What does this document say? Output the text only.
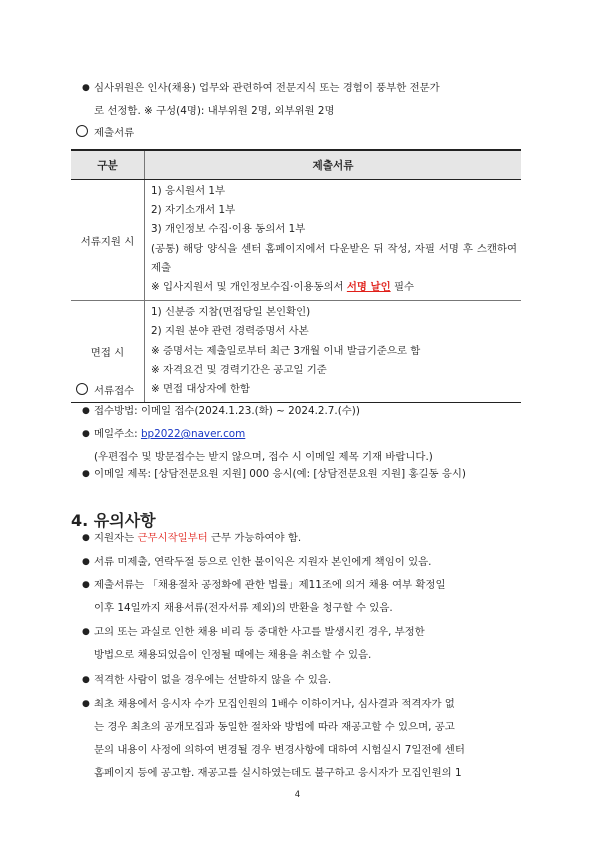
● 심사위원은 인사(채용) 업무와 관련하여 전문지식 또는 경험이 풍부한 전문가
로 선정함. ※ 구성(4명): 내부위원 2명, 외부위원 2명
제출서류
구분	제출서류
서류지원 시	1) 응시원서 1부
2) 자기소개서 1부
3) 개인정보 수집·이용 동의서 1부
(공통) 해당 양식을 센터 홈페이지에서 다운받은 뒤 작성, 자필 서명 후 스캔하여 제출
※ 입사지원서 및 개인정보수집·이용동의서 서명 날인 필수

면접 시	1) 신분증 지참(면접당일 본인확인)
2) 지원 분야 관련 경력증명서 사본
※ 증명서는 제출일로부터 최근 3개월 이내 발급기준으로 함
※ 자격요건 및 경력기간은 공고일 기준
※ 면접 대상자에 한함
서류접수
● 접수방법: 이메일 접수(2024.1.23.(화) ~ 2024.2.7.(수))
● 메일주소: bp2022@naver.com
(우편접수 및 방문접수는 받지 않으며, 접수 시 이메일 제목 기재 바랍니다.)
● 이메일 제목: [상담전문요원 지원] 000 응시(예: [상담전문요원 지원] 홍길동 응시)
4. 유의사항
● 지원자는 근무시작일부터 근무 가능하여야 함.
● 서류 미제출, 연락두절 등으로 인한 불이익은 지원자 본인에게 책임이 있음.
● 제출서류는 「채용절차 공정화에 관한 법률」제11조에 의거 채용 여부 확정일
이후 14일까지 채용서류(전자서류 제외)의 반환을 청구할 수 있음.
● 고의 또는 과실로 인한 채용 비리 등 중대한 사고를 발생시킨 경우, 부정한
방법으로 채용되었음이 인정될 때에는 채용을 취소할 수 있음.
● 적격한 사람이 없을 경우에는 선발하지 않을 수 있음.
● 최초 채용에서 응시자 수가 모집인원의 1배수 이하이거나, 심사결과 적격자가 없
는 경우 최초의 공개모집과 동일한 절차와 방법에 따라 재공고할 수 있으며, 공고
문의 내용이 사정에 의하여 변경될 경우 변경사항에 대하여 시험실시 7일전에 센터
홈페이지 등에 공고함. 재공고를 실시하였는데도 불구하고 응시자가 모집인원의 1
4
